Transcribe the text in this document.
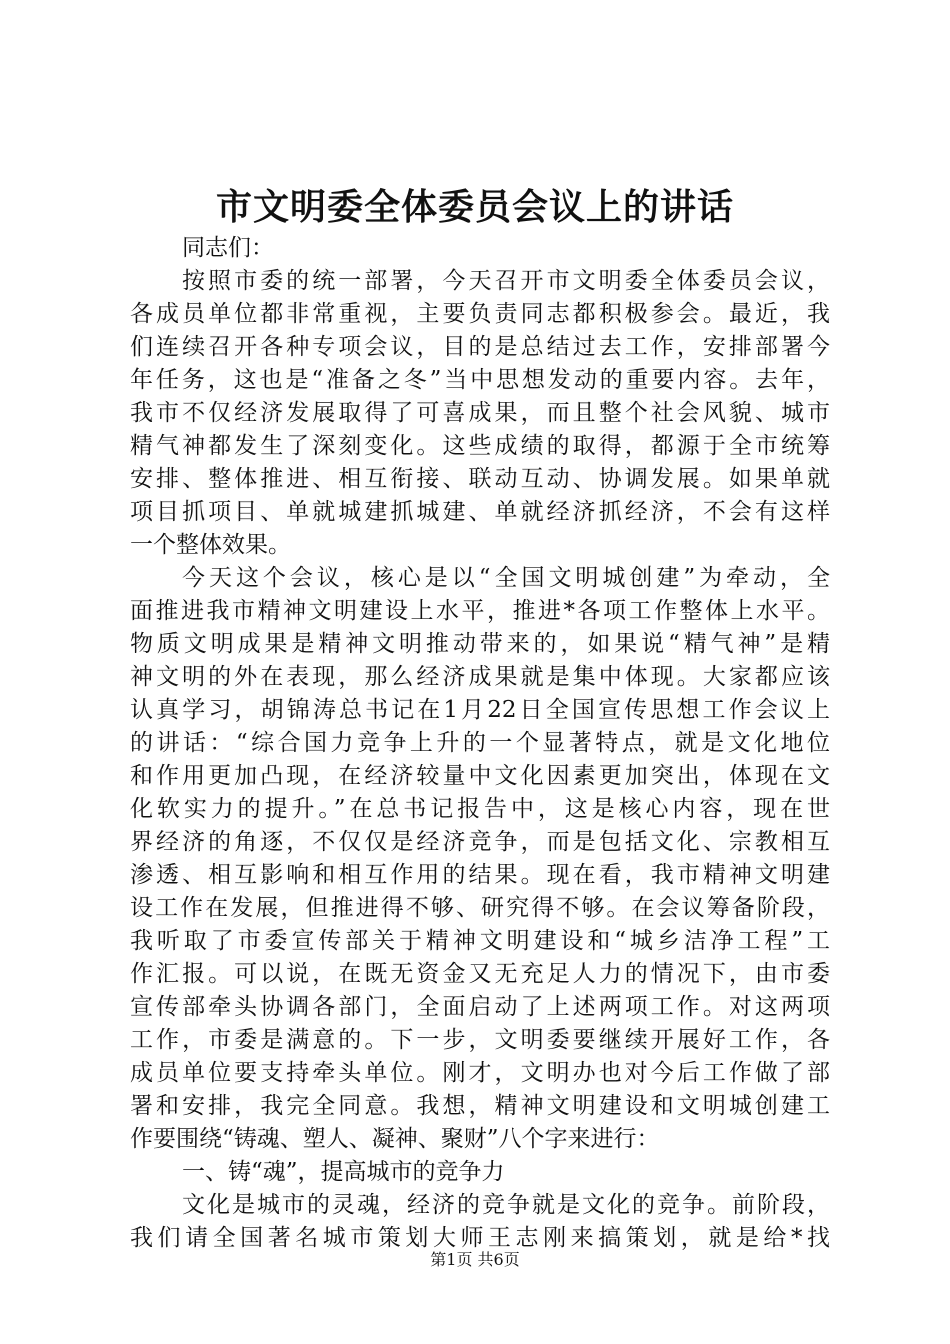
市文明委全体委员会议上的讲话
同志们：
按照市委的统一部署，今天召开市文明委全体委员会议，
各成员单位都非常重视，主要负责同志都积极参会。最近，我
们连续召开各种专项会议，目的是总结过去工作，安排部署今
年任务，这也是“准备之冬”当中思想发动的重要内容。去年，
我市不仅经济发展取得了可喜成果，而且整个社会风貌、城市
精气神都发生了深刻变化。这些成绩的取得，都源于全市统筹
安排、整体推进、相互衔接、联动互动、协调发展。如果单就
项目抓项目、单就城建抓城建、单就经济抓经济，不会有这样
一个整体效果。
今天这个会议，核心是以“全国文明城创建”为牵动，全
面推进我市精神文明建设上水平，推进*各项工作整体上水平。
物质文明成果是精神文明推动带来的，如果说“精气神”是精
神文明的外在表现，那么经济成果就是集中体现。大家都应该
认真学习，胡锦涛总书记在1月22日全国宣传思想工作会议上
的讲话：“综合国力竞争上升的一个显著特点，就是文化地位
和作用更加凸现，在经济较量中文化因素更加突出，体现在文
化软实力的提升。”在总书记报告中，这是核心内容，现在世
界经济的角逐，不仅仅是经济竞争，而是包括文化、宗教相互
渗透、相互影响和相互作用的结果。现在看，我市精神文明建
设工作在发展，但推进得不够、研究得不够。在会议筹备阶段，
我听取了市委宣传部关于精神文明建设和“城乡洁净工程”工
作汇报。可以说，在既无资金又无充足人力的情况下，由市委
宣传部牵头协调各部门，全面启动了上述两项工作。对这两项
工作，市委是满意的。下一步，文明委要继续开展好工作，各
成员单位要支持牵头单位。刚才，文明办也对今后工作做了部
署和安排，我完全同意。我想，精神文明建设和文明城创建工
作要围绕“铸魂、塑人、凝神、聚财”八个字来进行：
一、铸“魂”，提高城市的竞争力
文化是城市的灵魂，经济的竞争就是文化的竞争。前阶段，
我们请全国著名城市策划大师王志刚来搞策划，就是给*找
第1页 共6页
